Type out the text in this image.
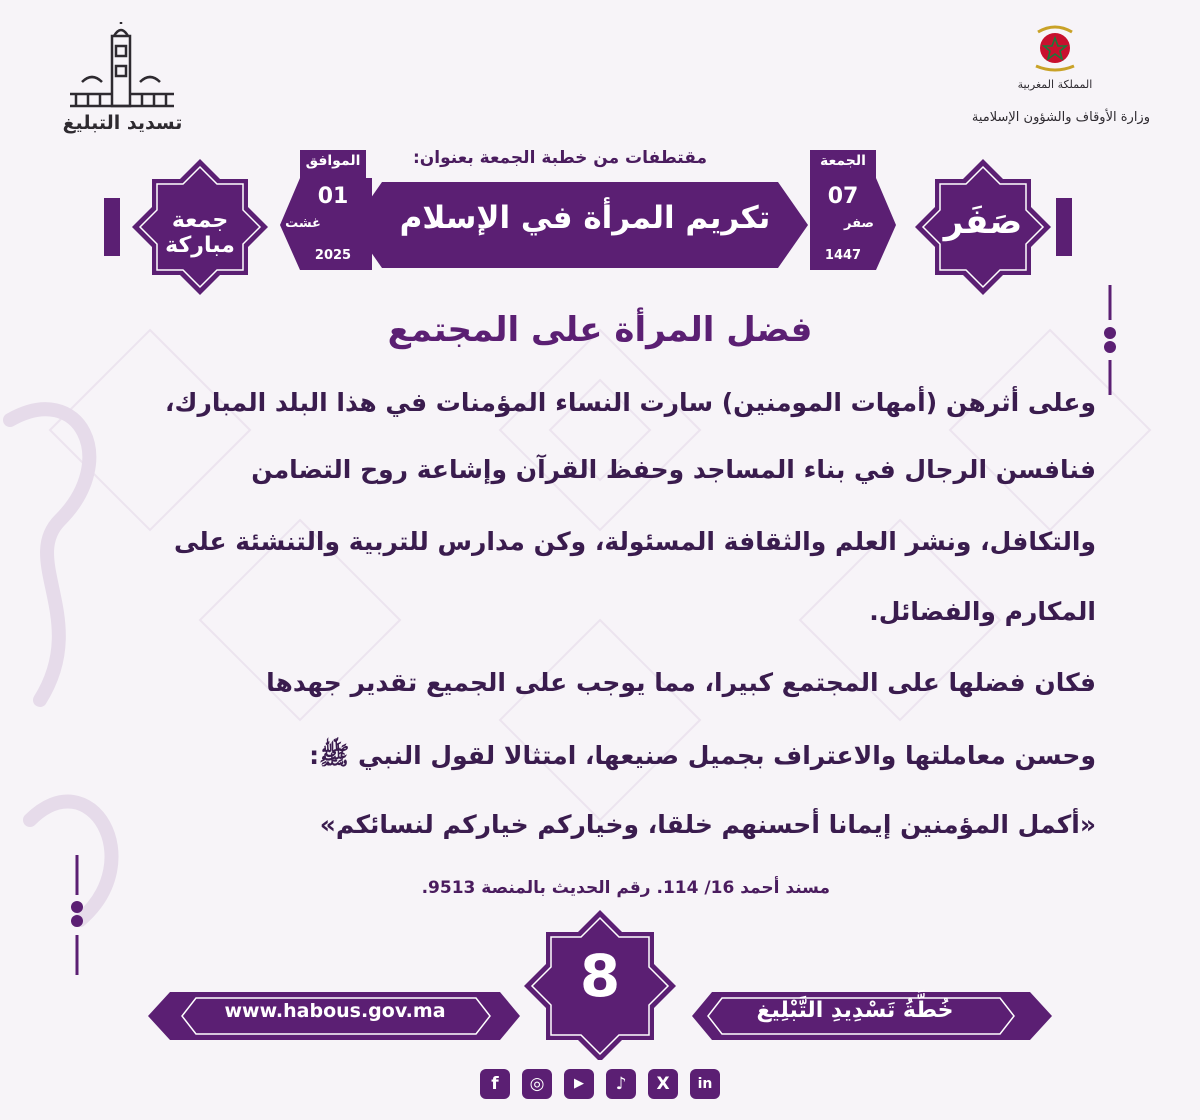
تسديد التبليغ
المملكة المغربية
وزارة الأوقاف والشؤون الإسلامية
مقتطفات من خطبة الجمعة بعنوان:
الموافق
01
غشت
2025
تكريم المرأة في الإسلام
الجمعة
07
صفر
1447
صَفَر
جمعة مباركة
فضل المرأة على المجتمع
وعلى أثرهن (أمهات المومنين) سارت النساء المؤمنات في هذا البلد المبارك،
فنافسن الرجال في بناء المساجد وحفظ القرآن وإشاعة روح التضامن
والتكافل، ونشر العلم والثقافة المسئولة، وكن مدارس للتربية والتنشئة على
المكارم والفضائل.
فكان فضلها على المجتمع كبيرا، مما يوجب على الجميع تقدير جهدها
وحسن معاملتها والاعتراف بجميل صنيعها، امتثالا لقول النبي ﷺ:
«أكمل المؤمنين إيمانا أحسنهم خلقا، وخياركم خياركم لنسائكم»
مسند أحمد 16/ 114. رقم الحديث بالمنصة 9513.
www.habous.gov.ma
8
خُطَّةُ تَسْدِيدِ التَّبْلِيغ
f	◎	▶	♪	X	in
